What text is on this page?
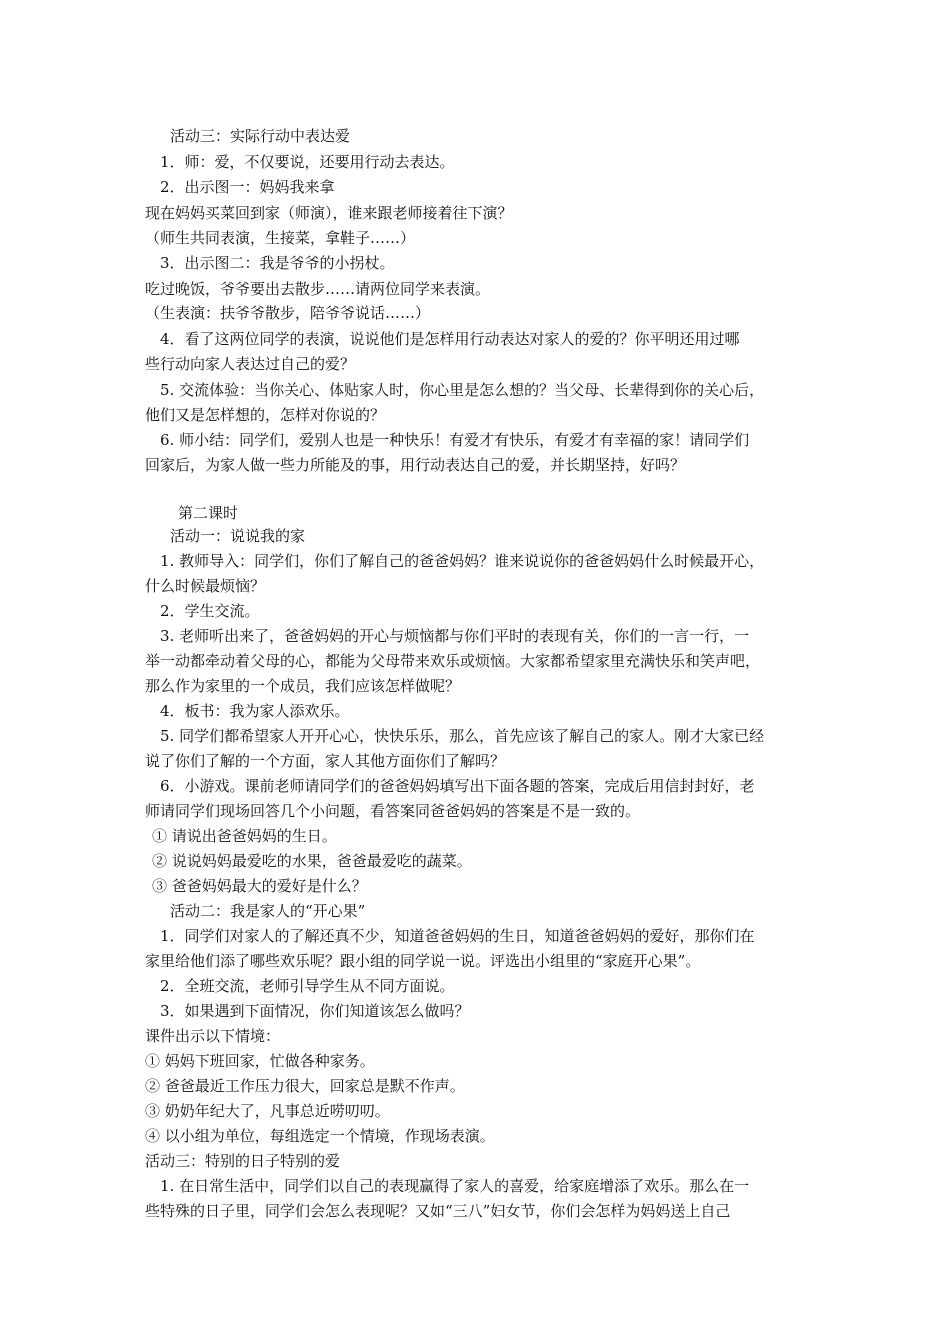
活动三：实际行动中表达爱
1．师：爱，不仅要说，还要用行动去表达。
2．出示图一：妈妈我来拿
现在妈妈买菜回到家（师演），谁来跟老师接着往下演？
（师生共同表演，生接菜，拿鞋子……）
3．出示图二：我是爷爷的小拐杖。
吃过晚饭，爷爷要出去散步……请两位同学来表演。
（生表演：扶爷爷散步，陪爷爷说话……）
4．看了这两位同学的表演，说说他们是怎样用行动表达对家人的爱的？你平明还用过哪
些行动向家人表达过自己的爱？
5. 交流体验：当你关心、体贴家人时，你心里是怎么想的？当父母、长辈得到你的关心后，
他们又是怎样想的，怎样对你说的？
6. 师小结：同学们，爱别人也是一种快乐！有爱才有快乐，有爱才有幸福的家！请同学们
回家后，为家人做一些力所能及的事，用行动表达自己的爱，并长期坚持，好吗？
第二课时
活动一：说说我的家
1. 教师导入：同学们，你们了解自己的爸爸妈妈？谁来说说你的爸爸妈妈什么时候最开心，
什么时候最烦恼？
2．学生交流。
3. 老师听出来了，爸爸妈妈的开心与烦恼都与你们平时的表现有关，你们的一言一行，一
举一动都牵动着父母的心，都能为父母带来欢乐或烦恼。大家都希望家里充满快乐和笑声吧，
那么作为家里的一个成员，我们应该怎样做呢？
4．板书：我为家人添欢乐。
5. 同学们都希望家人开开心心，快快乐乐，那么，首先应该了解自己的家人。刚才大家已经
说了你们了解的一个方面，家人其他方面你们了解吗？
6．小游戏。课前老师请同学们的爸爸妈妈填写出下面各题的答案，完成后用信封封好，老
师请同学们现场回答几个小问题，看答案同爸爸妈妈的答案是不是一致的。
① 请说出爸爸妈妈的生日。
② 说说妈妈最爱吃的水果，爸爸最爱吃的蔬菜。
③ 爸爸妈妈最大的爱好是什么？
活动二：我是家人的“开心果”
1．同学们对家人的了解还真不少，知道爸爸妈妈的生日，知道爸爸妈妈的爱好，那你们在
家里给他们添了哪些欢乐呢？跟小组的同学说一说。评选出小组里的“家庭开心果”。
2．全班交流，老师引导学生从不同方面说。
3．如果遇到下面情况，你们知道该怎么做吗？
课件出示以下情境：
① 妈妈下班回家，忙做各种家务。
② 爸爸最近工作压力很大，回家总是默不作声。
③ 奶奶年纪大了，凡事总近唠叨叨。
④ 以小组为单位，每组选定一个情境，作现场表演。
活动三：特别的日子特别的爱
1. 在日常生活中，同学们以自己的表现赢得了家人的喜爱，给家庭增添了欢乐。那么在一
些特殊的日子里，同学们会怎么表现呢？又如“三八”妇女节，你们会怎样为妈妈送上自己
